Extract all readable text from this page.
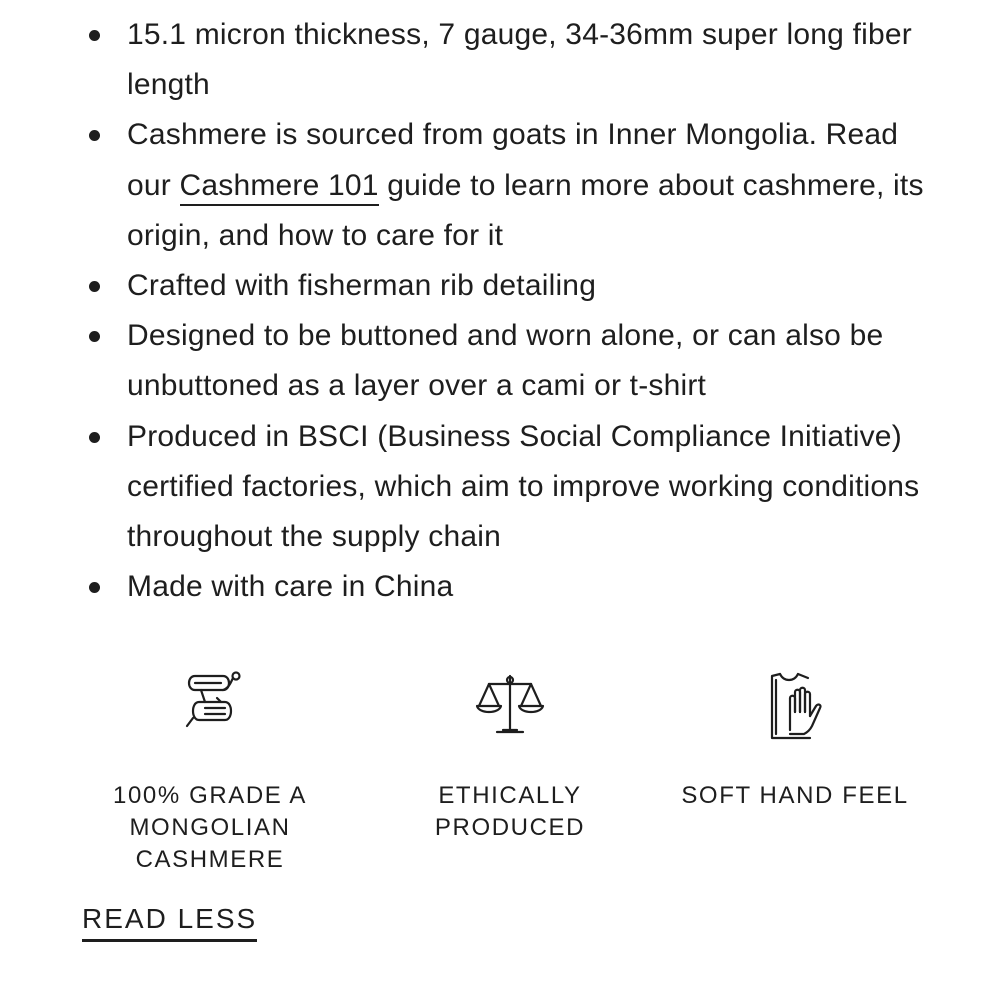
15.1 micron thickness, 7 gauge, 34-36mm super long fiber length
Cashmere is sourced from goats in Inner Mongolia. Read our Cashmere 101 guide to learn more about cashmere, its origin, and how to care for it
Crafted with fisherman rib detailing
Designed to be buttoned and worn alone, or can also be unbuttoned as a layer over a cami or t-shirt
Produced in BSCI (Business Social Compliance Initiative) certified factories, which aim to improve working conditions throughout the supply chain
Made with care in China
100% GRADE A MONGOLIAN CASHMERE
ETHICALLY PRODUCED
SOFT HAND FEEL
READ LESS
